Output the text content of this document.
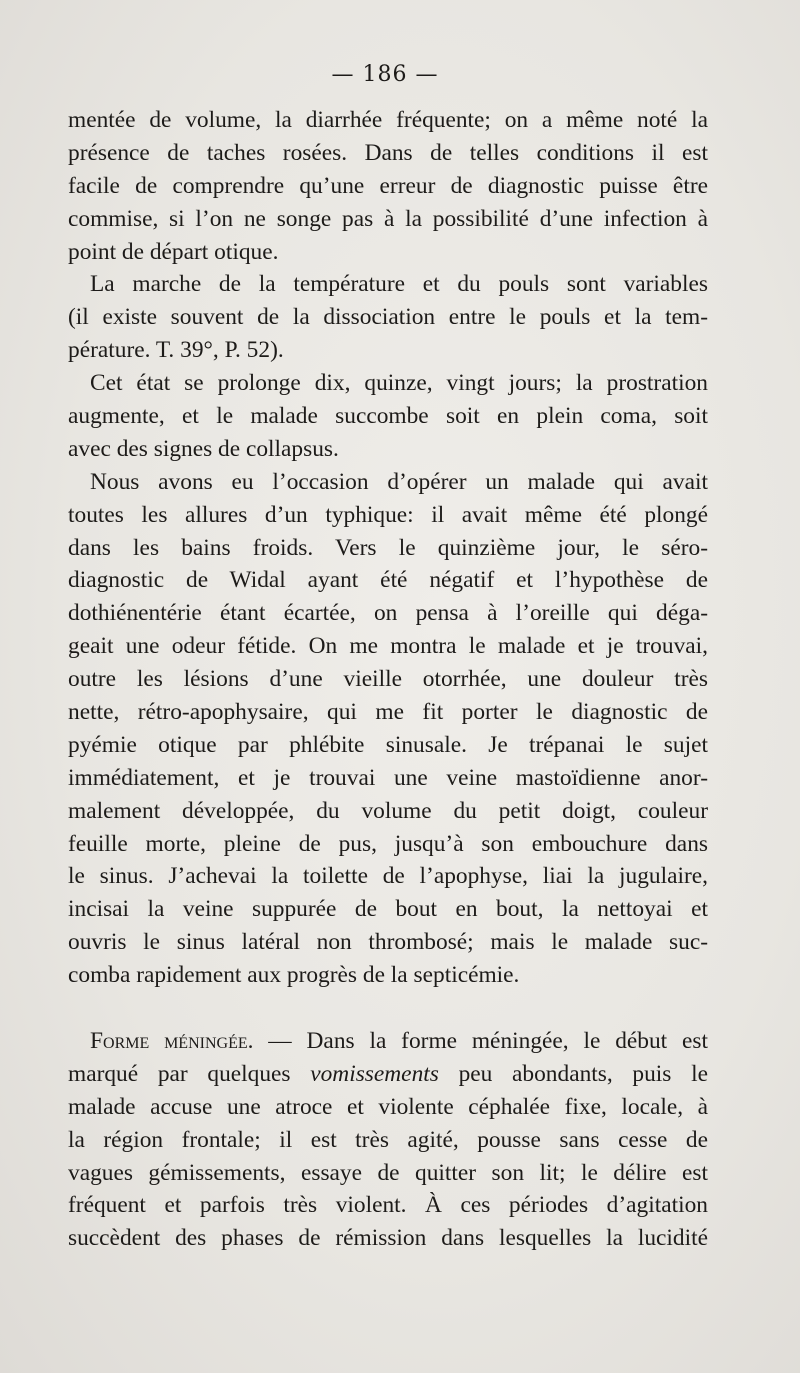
— 186 —
mentée de volume, la diarrhée fréquente; on a même noté la
présence de taches rosées. Dans de telles conditions il est
facile de comprendre qu’une erreur de diagnostic puisse être
commise, si l’on ne songe pas à la possibilité d’une infection à
point de départ otique.
La marche de la température et du pouls sont variables
(il existe souvent de la dissociation entre le pouls et la tem-
pérature. T. 39°, P. 52).
Cet état se prolonge dix, quinze, vingt jours; la prostration
augmente, et le malade succombe soit en plein coma, soit
avec des signes de collapsus.
Nous avons eu l’occasion d’opérer un malade qui avait
toutes les allures d’un typhique: il avait même été plongé
dans les bains froids. Vers le quinzième jour, le séro-
diagnostic de Widal ayant été négatif et l’hypothèse de
dothiénentérie étant écartée, on pensa à l’oreille qui déga-
geait une odeur fétide. On me montra le malade et je trouvai,
outre les lésions d’une vieille otorrhée, une douleur très
nette, rétro-apophysaire, qui me fit porter le diagnostic de
pyémie otique par phlébite sinusale. Je trépanai le sujet
immédiatement, et je trouvai une veine mastoïdienne anor-
malement développée, du volume du petit doigt, couleur
feuille morte, pleine de pus, jusqu’à son embouchure dans
le sinus. J’achevai la toilette de l’apophyse, liai la jugulaire,
incisai la veine suppurée de bout en bout, la nettoyai et
ouvris le sinus latéral non thrombosé; mais le malade suc-
comba rapidement aux progrès de la septicémie.
Forme méningée. — Dans la forme méningée, le début est
marqué par quelques vomissements peu abondants, puis le
malade accuse une atroce et violente céphalée fixe, locale, à
la région frontale; il est très agité, pousse sans cesse de
vagues gémissements, essaye de quitter son lit; le délire est
fréquent et parfois très violent. À ces périodes d’agitation
succèdent des phases de rémission dans lesquelles la lucidité
